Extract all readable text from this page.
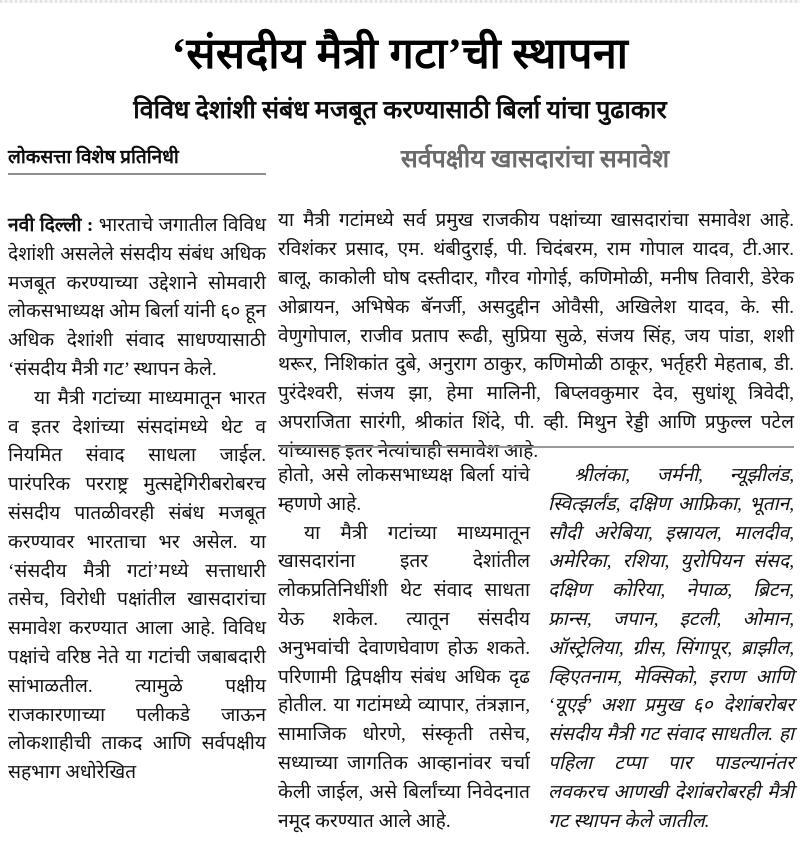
‘संसदीय मैत्री गटा’ची स्थापना
विविध देशांशी संबंध मजबूत करण्यासाठी बिर्ला यांचा पुढाकार
लोकसत्ता विशेष प्रतिनिधी	सर्वपक्षीय खासदारांचा समावेश

नवी दिल्ली : भारताचे जगातील विविध देशांशी असलेले संसदीय संबंध अधिक मजबूत करण्याच्या उद्देशाने सोमवारी लोकसभाध्यक्ष ओम बिर्ला यांनी ६० हून अधिक देशांशी संवाद साधण्यासाठी ‘संसदीय मैत्री गट’ स्थापन केले.

या मैत्री गटांच्या माध्यमातून भारत व इतर देशांच्या संसदांमध्ये थेट व नियमित संवाद साधला जाईल. पारंपरिक परराष्ट्र मुत्सद्देगिरीबरोबरच संसदीय पातळीवरही संबंध मजबूत करण्यावर भारताचा भर असेल. या ‘संसदीय मैत्री गटां’मध्ये सत्ताधारी तसेच, विरोधी पक्षांतील खासदारांचा समावेश करण्यात आला आहे. विविध पक्षांचे वरिष्ठ नेते या गटांची जबाबदारी सांभाळतील. त्यामुळे पक्षीय राजकारणाच्या पलीकडे जाऊन लोकशाहीची ताकद आणि सर्वपक्षीय सहभाग अधोरेखित

या मैत्री गटांमध्ये सर्व प्रमुख राजकीय पक्षांच्या खासदारांचा समावेश आहे. रविशंकर प्रसाद, एम. थंबीदुराई, पी. चिदंबरम, राम गोपाल यादव, टी.आर. बालू, काकोली घोष दस्तीदार, गौरव गोगोई, कणिमोळी, मनीष तिवारी, डेरेक ओब्रायन, अभिषेक बॅनर्जी, असदुद्दीन ओवैसी, अखिलेश यादव, के. सी. वेणुगोपाल, राजीव प्रताप रूढी, सुप्रिया सुळे, संजय सिंह, जय पांडा, शशी थरूर, निशिकांत दुबे, अनुराग ठाकुर, कणिमोळी ठाकूर, भर्तृहरी मेहताब, डी. पुरंदेश्वरी, संजय झा, हेमा मालिनी, बिप्लवकुमार देव, सुधांशू त्रिवेदी, अपराजिता सारंगी, श्रीकांत शिंदे, पी. व्ही. मिथुन रेड्डी आणि प्रफुल्ल पटेल यांच्यासह इतर नेत्यांचाही समावेश आहे.

होतो, असे लोकसभाध्यक्ष बिर्ला यांचे म्हणणे आहे.

या मैत्री गटांच्या माध्यमातून खासदारांना इतर देशांतील लोकप्रतिनिधींशी थेट संवाद साधता येऊ शकेल. त्यातून संसदीय अनुभवांची देवाणघेवाण होऊ शकते. परिणामी द्विपक्षीय संबंध अधिक दृढ होतील. या गटांमध्ये व्यापार, तंत्रज्ञान, सामाजिक धोरणे, संस्कृती तसेच, सध्याच्या जागतिक आव्हानांवर चर्चा केली जाईल, असे बिर्लांच्या निवेदनात नमूद करण्यात आले आहे.

श्रीलंका, जर्मनी, न्यूझीलंड, स्वित्झर्लंड, दक्षिण आफ्रिका, भूतान, सौदी अरेबिया, इस्रायल, मालदीव, अमेरिका, रशिया, युरोपियन संसद, दक्षिण कोरिया, नेपाळ, ब्रिटन, फ्रान्स, जपान, इटली, ओमान, ऑस्ट्रेलिया, ग्रीस, सिंगापूर, ब्राझील, व्हिएतनाम, मेक्सिको, इराण आणि ‘यूएई’ अशा प्रमुख ६० देशांबरोबर संसदीय मैत्री गट संवाद साधतील. हा पहिला टप्पा पार पाडल्यानंतर लवकरच आणखी देशांबरोबरही मैत्री गट स्थापन केले जातील.
